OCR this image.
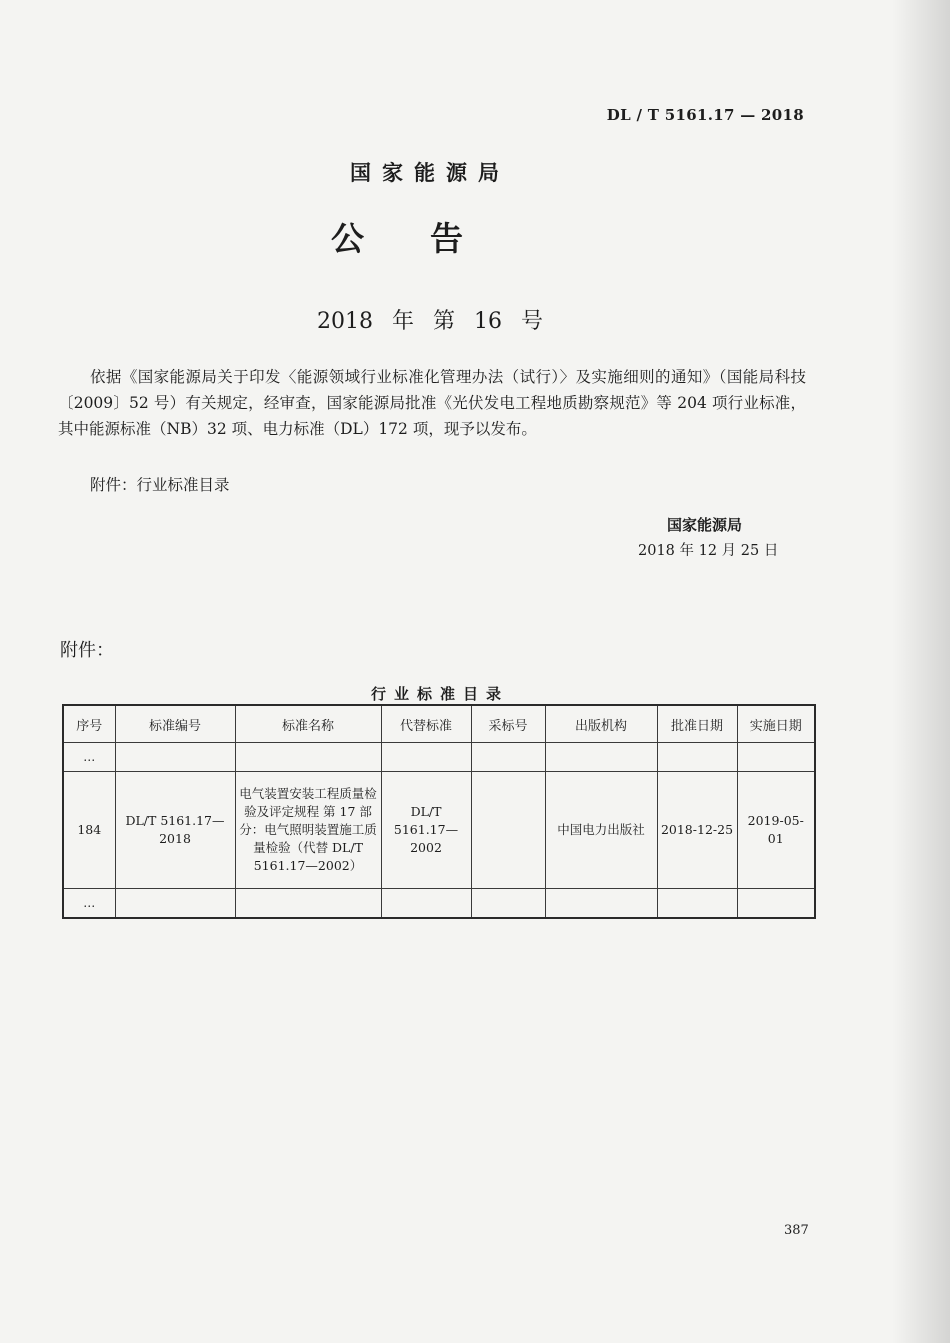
DL / T 5161.17 — 2018
国家能源局
公告
2018 年 第 16 号
依据《国家能源局关于印发〈能源领域行业标准化管理办法（试行）〉及实施细则的通知》（国能局科技〔2009〕52 号）有关规定，经审查，国家能源局批准《光伏发电工程地质勘察规范》等 204 项行业标准，其中能源标准（NB）32 项、电力标准（DL）172 项，现予以发布。
附件：行业标准目录
国家能源局
2018 年 12 月 25 日
附件：
行业标准目录
序号	标准编号	标准名称	代替标准	采标号	出版机构	批准日期	实施日期
…							
184	DL/T 5161.17—2018	电气装置安装工程质量检验及评定规程 第 17 部分：电气照明装置施工质量检验（代替 DL/T 5161.17—2002）	DL/T 5161.17—2002		中国电力出版社	2018-12-25	2019-05-01
…							
387
